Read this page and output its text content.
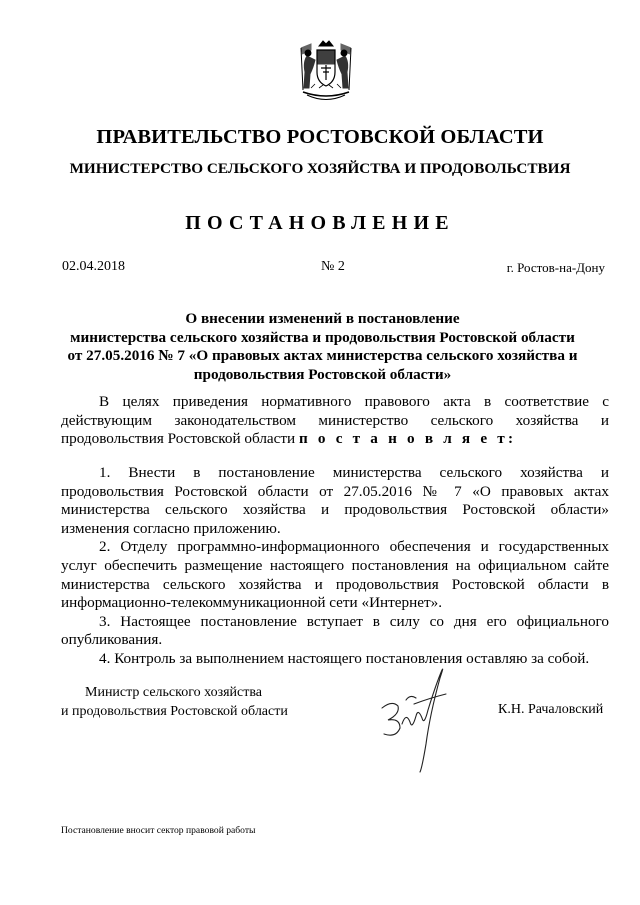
ПРАВИТЕЛЬСТВО РОСТОВСКОЙ ОБЛАСТИ
МИНИСТЕРСТВО СЕЛЬСКОГО ХОЗЯЙСТВА И ПРОДОВОЛЬСТВИЯ
ПОСТАНОВЛЕНИЕ
02.04.2018	№ 2	г. Ростов-на-Дону
О внесении изменений в постановление
министерства сельского хозяйства и продовольствия Ростовской области
от 27.05.2016 № 7 «О правовых актах министерства сельского хозяйства и
продовольствия Ростовской области»

В целях приведения нормативного правового акта в соответствие с действующим законодательством министерство сельского хозяйства и продовольствия Ростовской области п о с т а н о в л я е т:

1. Внести в постановление министерства сельского хозяйства и продовольствия Ростовской области от 27.05.2016 № 7 «О правовых актах министерства сельского хозяйства и продовольствия Ростовской области» изменения согласно приложению.

2. Отделу программно-информационного обеспечения и государственных услуг обеспечить размещение настоящего постановления на официальном сайте министерства сельского хозяйства и продовольствия Ростовской области в информационно-телекоммуникационной сети «Интернет».

3. Настоящее постановление вступает в силу со дня его официального опубликования.

4. Контроль за выполнением настоящего постановления оставляю за собой.

Министр сельского хозяйства
и продовольствия Ростовской области	К.Н. Рачаловский
Постановление вносит сектор правовой работы
